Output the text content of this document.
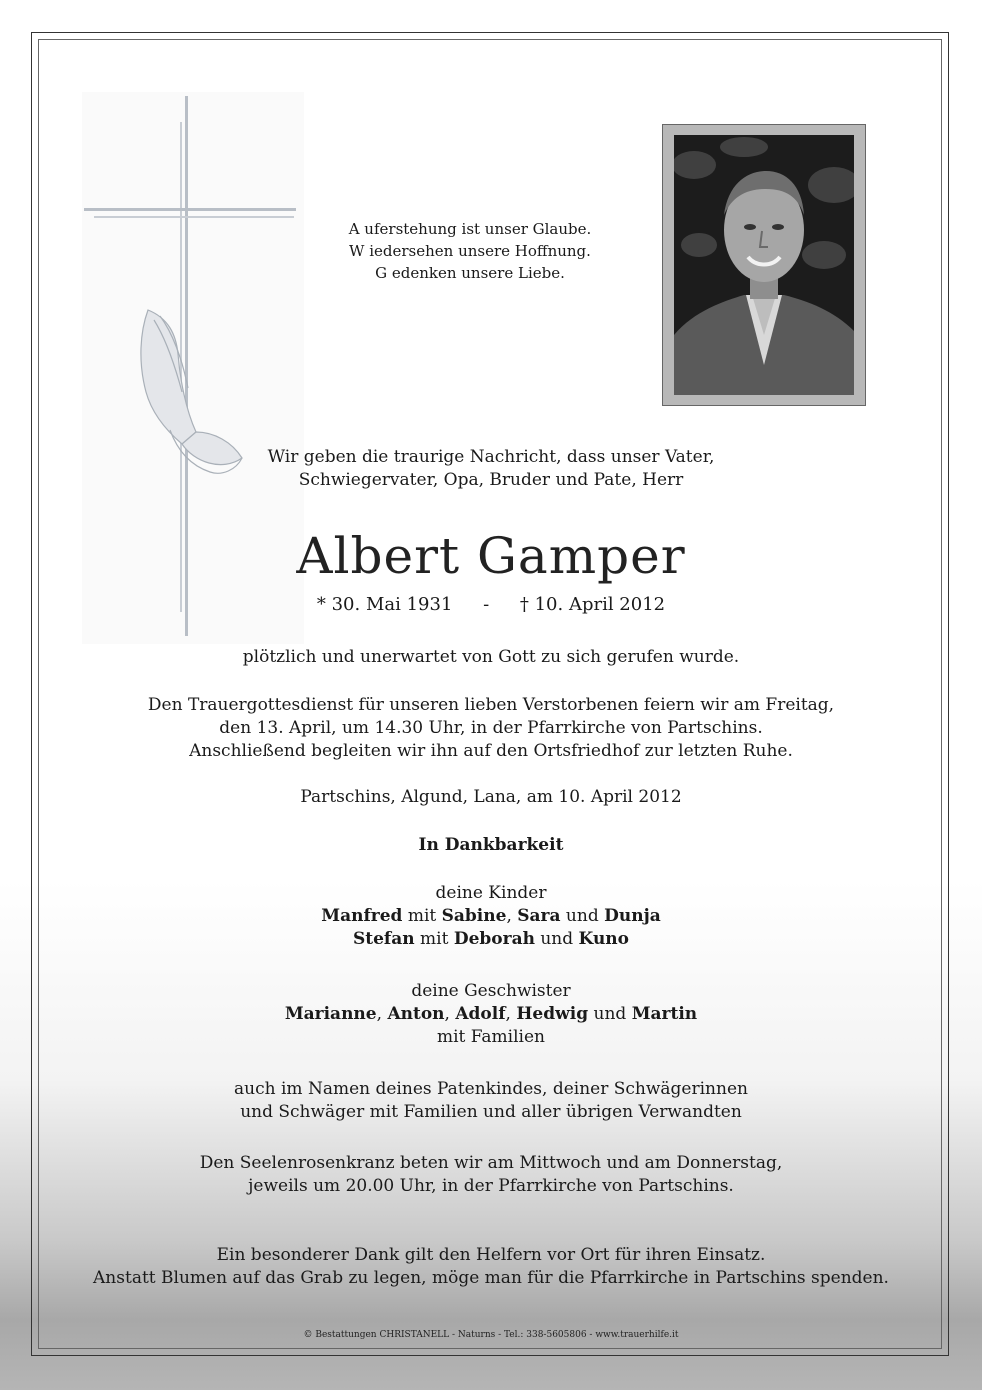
A uferstehung ist unser Glaube.
W iedersehen unsere Hoffnung.
G edenken unsere Liebe.
Wir geben die traurige Nachricht, dass unser Vater,
Schwiegervater, Opa, Bruder und Pate, Herr
Albert Gamper
* 30. Mai 1931 - † 10. April 2012
plötzlich und unerwartet von Gott zu sich gerufen wurde.
Den Trauergottesdienst für unseren lieben Verstorbenen feiern wir am Freitag,
den 13. April, um 14.30 Uhr, in der Pfarrkirche von Partschins.
Anschließend begleiten wir ihn auf den Ortsfriedhof zur letzten Ruhe.
Partschins, Algund, Lana, am 10. April 2012
In Dankbarkeit
deine Kinder
Manfred mit Sabine, Sara und Dunja
Stefan mit Deborah und Kuno
deine Geschwister
Marianne, Anton, Adolf, Hedwig und Martin
mit Familien
auch im Namen deines Patenkindes, deiner Schwägerinnen
und Schwäger mit Familien und aller übrigen Verwandten
Den Seelenrosenkranz beten wir am Mittwoch und am Donnerstag,
jeweils um 20.00 Uhr, in der Pfarrkirche von Partschins.
Ein besonderer Dank gilt den Helfern vor Ort für ihren Einsatz.
Anstatt Blumen auf das Grab zu legen, möge man für die Pfarrkirche in Partschins spenden.
© Bestattungen CHRISTANELL - Naturns - Tel.: 338-5605806 - www.trauerhilfe.it
